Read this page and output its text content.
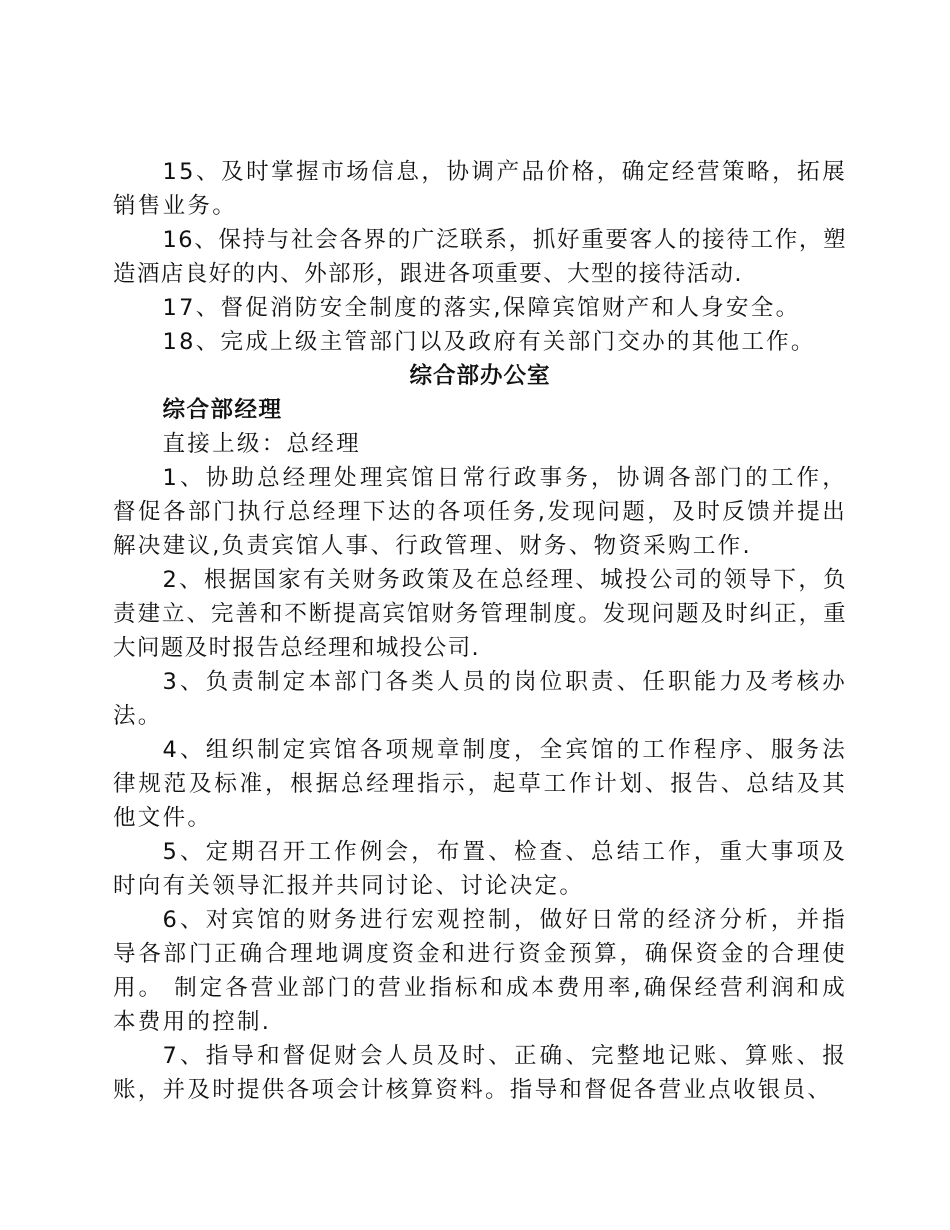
15、及时掌握市场信息，协调产品价格，确定经营策略，拓展销售业务。

16、保持与社会各界的广泛联系，抓好重要客人的接待工作，塑造酒店良好的内、外部形，跟进各项重要、大型的接待活动.

17、督促消防安全制度的落实,保障宾馆财产和人身安全。

18、完成上级主管部门以及政府有关部门交办的其他工作。

综合部办公室
综合部经理

直接上级：总经理

1、协助总经理处理宾馆日常行政事务，协调各部门的工作，督促各部门执行总经理下达的各项任务,发现问题，及时反馈并提出解决建议,负责宾馆人事、行政管理、财务、物资采购工作.

2、根据国家有关财务政策及在总经理、城投公司的领导下，负责建立、完善和不断提高宾馆财务管理制度。发现问题及时纠正，重大问题及时报告总经理和城投公司.

3、负责制定本部门各类人员的岗位职责、任职能力及考核办法。

4、组织制定宾馆各项规章制度，全宾馆的工作程序、服务法律规范及标准，根据总经理指示，起草工作计划、报告、总结及其他文件。

5、定期召开工作例会，布置、检查、总结工作，重大事项及时向有关领导汇报并共同讨论、讨论决定。

6、对宾馆的财务进行宏观控制，做好日常的经济分析，并指导各部门正确合理地调度资金和进行资金预算，确保资金的合理使用。 制定各营业部门的营业指标和成本费用率,确保经营利润和成本费用的控制.

7、指导和督促财会人员及时、正确、完整地记账、算账、报账，并及时提供各项会计核算资料。指导和督促各营业点收银员、
